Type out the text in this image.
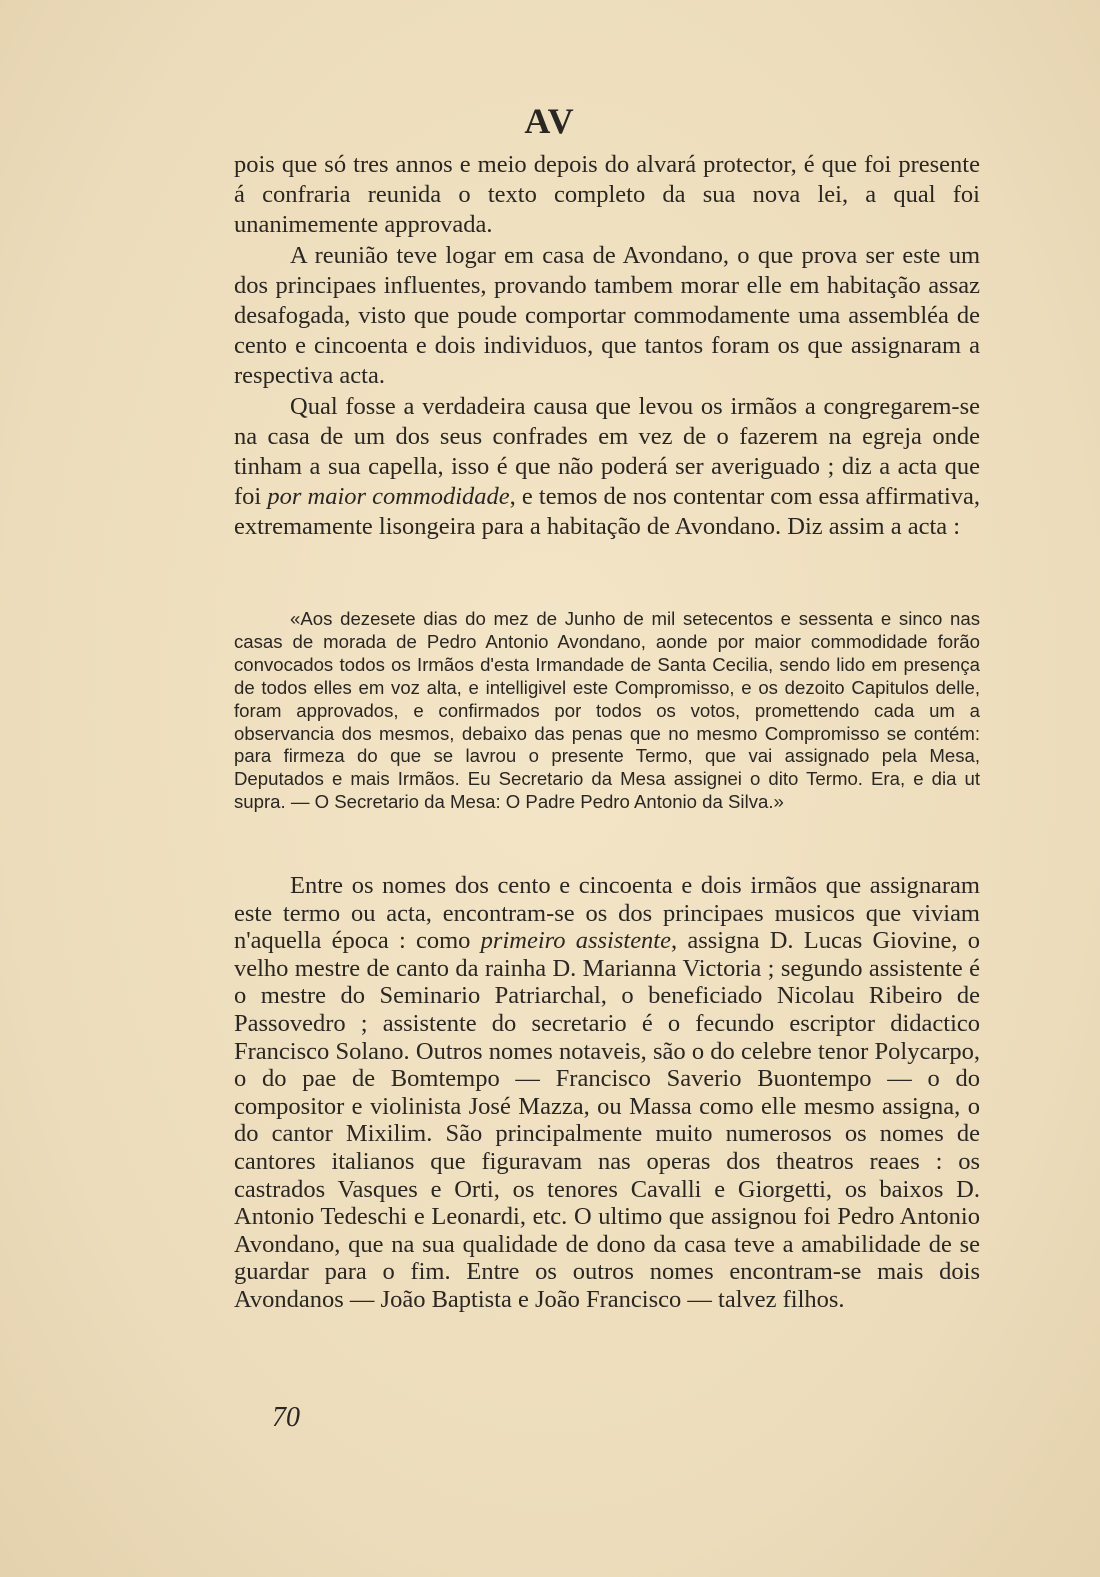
AV

pois que só tres annos e meio depois do alvará protector, é que foi presente á confraria reunida o texto completo da sua nova lei, a qual foi unanimemente approvada.

A reunião teve logar em casa de Avondano, o que prova ser este um dos principaes influentes, provando tambem morar elle em habitação assaz desafogada, visto que poude comportar commodamente uma assembléa de cento e cincoenta e dois individuos, que tantos foram os que assignaram a respectiva acta.

Qual fosse a verdadeira causa que levou os irmãos a congregarem-se na casa de um dos seus confrades em vez de o fazerem na egreja onde tinham a sua capella, isso é que não poderá ser averiguado ; diz a acta que foi por maior commodidade, e temos de nos contentar com essa affirmativa, extremamente lisongeira para a habitação de Avondano. Diz assim a acta :

«Aos dezesete dias do mez de Junho de mil setecentos e sessenta e sinco nas casas de morada de Pedro Antonio Avondano, aonde por maior commodidade forão convocados todos os Irmãos d'esta Irmandade de Santa Cecilia, sendo lido em presença de todos elles em voz alta, e intelligivel este Compromisso, e os dezoito Capitulos delle, foram approvados, e confirmados por todos os votos, promettendo cada um a observancia dos mesmos, debaixo das penas que no mesmo Compromisso se contém: para firmeza do que se lavrou o presente Termo, que vai assignado pela Mesa, Deputados e mais Irmãos. Eu Secretario da Mesa assignei o dito Termo. Era, e dia ut supra. — O Secretario da Mesa: O Padre Pedro Antonio da Silva.»

Entre os nomes dos cento e cincoenta e dois irmãos que assignaram este termo ou acta, encontram-se os dos principaes musicos que viviam n'aquella época : como primeiro assistente, assigna D. Lucas Giovine, o velho mestre de canto da rainha D. Marianna Victoria ; segundo assistente é o mestre do Seminario Patriarchal, o beneficiado Nicolau Ribeiro de Passovedro ; assistente do secretario é o fecundo escriptor didactico Francisco Solano. Outros nomes notaveis, são o do celebre tenor Polycarpo, o do pae de Bomtempo — Francisco Saverio Buontempo — o do compositor e violinista José Mazza, ou Massa como elle mesmo assigna, o do cantor Mixilim. São principalmente muito numerosos os nomes de cantores italianos que figuravam nas operas dos theatros reaes : os castrados Vasques e Orti, os tenores Cavalli e Giorgetti, os baixos D. Antonio Tedeschi e Leonardi, etc. O ultimo que assignou foi Pedro Antonio Avondano, que na sua qualidade de dono da casa teve a amabilidade de se guardar para o fim. Entre os outros nomes encontram-se mais dois Avondanos — João Baptista e João Francisco — talvez filhos.

70
